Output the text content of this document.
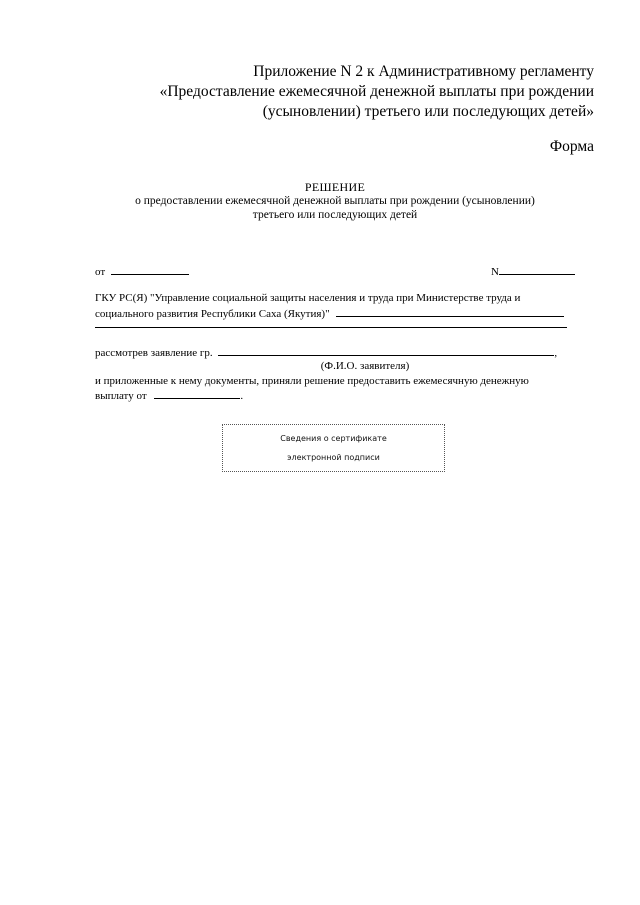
Приложение N 2 к Административному регламенту
«Предоставление ежемесячной денежной выплаты при рождении
(усыновлении) третьего или последующих детей»
Форма
РЕШЕНИЕ
о предоставлении ежемесячной денежной выплаты при рождении (усыновлении)
третьего или последующих детей
от	N
ГКУ РС(Я) "Управление социальной защиты населения и труда при Министерстве труда и
социального развития Республики Саха (Якутия)"
рассмотрев заявление гр.	,
(Ф.И.О. заявителя)
и приложенные к нему документы, приняли решение предоставить ежемесячную денежную
выплату от	.
Сведения о сертификате
электронной подписи
